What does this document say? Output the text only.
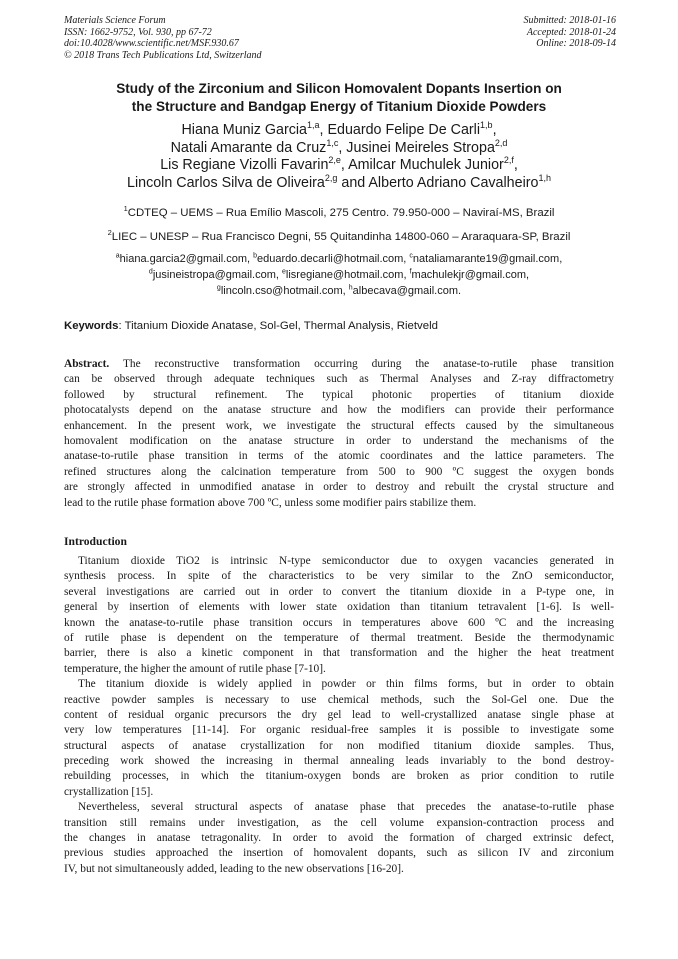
Materials Science Forum
ISSN: 1662-9752, Vol. 930, pp 67-72
doi:10.4028/www.scientific.net/MSF.930.67
© 2018 Trans Tech Publications Ltd, Switzerland
Submitted: 2018-01-16
Accepted: 2018-01-24
Online: 2018-09-14
Study of the Zirconium and Silicon Homovalent Dopants Insertion on
the Structure and Bandgap Energy of Titanium Dioxide Powders
Hiana Muniz Garcia$^{1,a}$, Eduardo Felipe De Carli$^{1,b}$,
Natali Amarante da Cruz$^{1,c}$, Jusinei Meireles Stropa$^{2,d}$
Lis Regiane Vizolli Favarin$^{2,e}$, Amilcar Muchulek Junior$^{2,f}$,
Lincoln Carlos Silva de Oliveira$^{2,g}$ and Alberto Adriano Cavalheiro$^{1,h}$
$^1$CDTEQ – UEMS – Rua Emílio Mascoli, 275 Centro. 79.950-000 – Naviraí-MS, Brazil
$^2$LIEC – UNESP – Rua Francisco Degni, 55 Quitandinha 14800-060 – Araraquara-SP, Brazil
$^a$hiana.garcia2@gmail.com, $^b$eduardo.decarli@hotmail.com, $^c$nataliamarante19@gmail.com,
$^d$jusineistropa@gmail.com, $^e$lisregiane@hotmail.com, $^f$machulekjr@gmail.com,
$^g$lincoln.cso@hotmail.com, $^h$albecava@gmail.com.
Keywords: Titanium Dioxide Anatase, Sol-Gel, Thermal Analysis, Rietveld
Abstract. The reconstructive transformation occurring during the anatase-to-rutile phase transition
can be observed through adequate techniques such as Thermal Analyses and Z-ray diffractometry
followed by structural refinement. The typical photonic properties of titanium dioxide
photocatalysts depend on the anatase structure and how the modifiers can provide their performance
enhancement. In the present work, we investigate the structural effects caused by the simultaneous
homovalent modification on the anatase structure in order to understand the mechanisms of the
anatase-to-rutile phase transition in terms of the atomic coordinates and the lattice parameters. The
refined structures along the calcination temperature from 500 to 900 ºC suggest the oxygen bonds
are strongly affected in unmodified anatase in order to destroy and rebuilt the crystal structure and
lead to the rutile phase formation above 700 ºC, unless some modifier pairs stabilize them.
Introduction
Titanium dioxide TiO2 is intrinsic N-type semiconductor due to oxygen vacancies generated in
synthesis process. In spite of the characteristics to be very similar to the ZnO semiconductor,
several investigations are carried out in order to convert the titanium dioxide in a P-type one, in
general by insertion of elements with lower state oxidation than titanium tetravalent [1-6]. Is well-
known the anatase-to-rutile phase transition occurs in temperatures above 600 ºC and the increasing
of rutile phase is dependent on the temperature of thermal treatment. Beside the thermodynamic
barrier, there is also a kinetic component in that transformation and the higher the heat treatment
temperature, the higher the amount of rutile phase [7-10].
The titanium dioxide is widely applied in powder or thin films forms, but in order to obtain
reactive powder samples is necessary to use chemical methods, such the Sol-Gel one. Due the
content of residual organic precursors the dry gel lead to well-crystallized anatase single phase at
very low temperatures [11-14]. For organic residual-free samples it is possible to investigate some
structural aspects of anatase crystallization for non modified titanium dioxide samples. Thus,
preceding work showed the increasing in thermal annealing leads invariably to the bond destroy-
rebuilding processes, in which the titanium-oxygen bonds are broken as prior condition to rutile
crystallization [15].
Nevertheless, several structural aspects of anatase phase that precedes the anatase-to-rutile phase
transition still remains under investigation, as the cell volume expansion-contraction process and
the changes in anatase tetragonality. In order to avoid the formation of charged extrinsic defect,
previous studies approached the insertion of homovalent dopants, such as silicon IV and zirconium
IV, but not simultaneously added, leading to the new observations [16-20].
